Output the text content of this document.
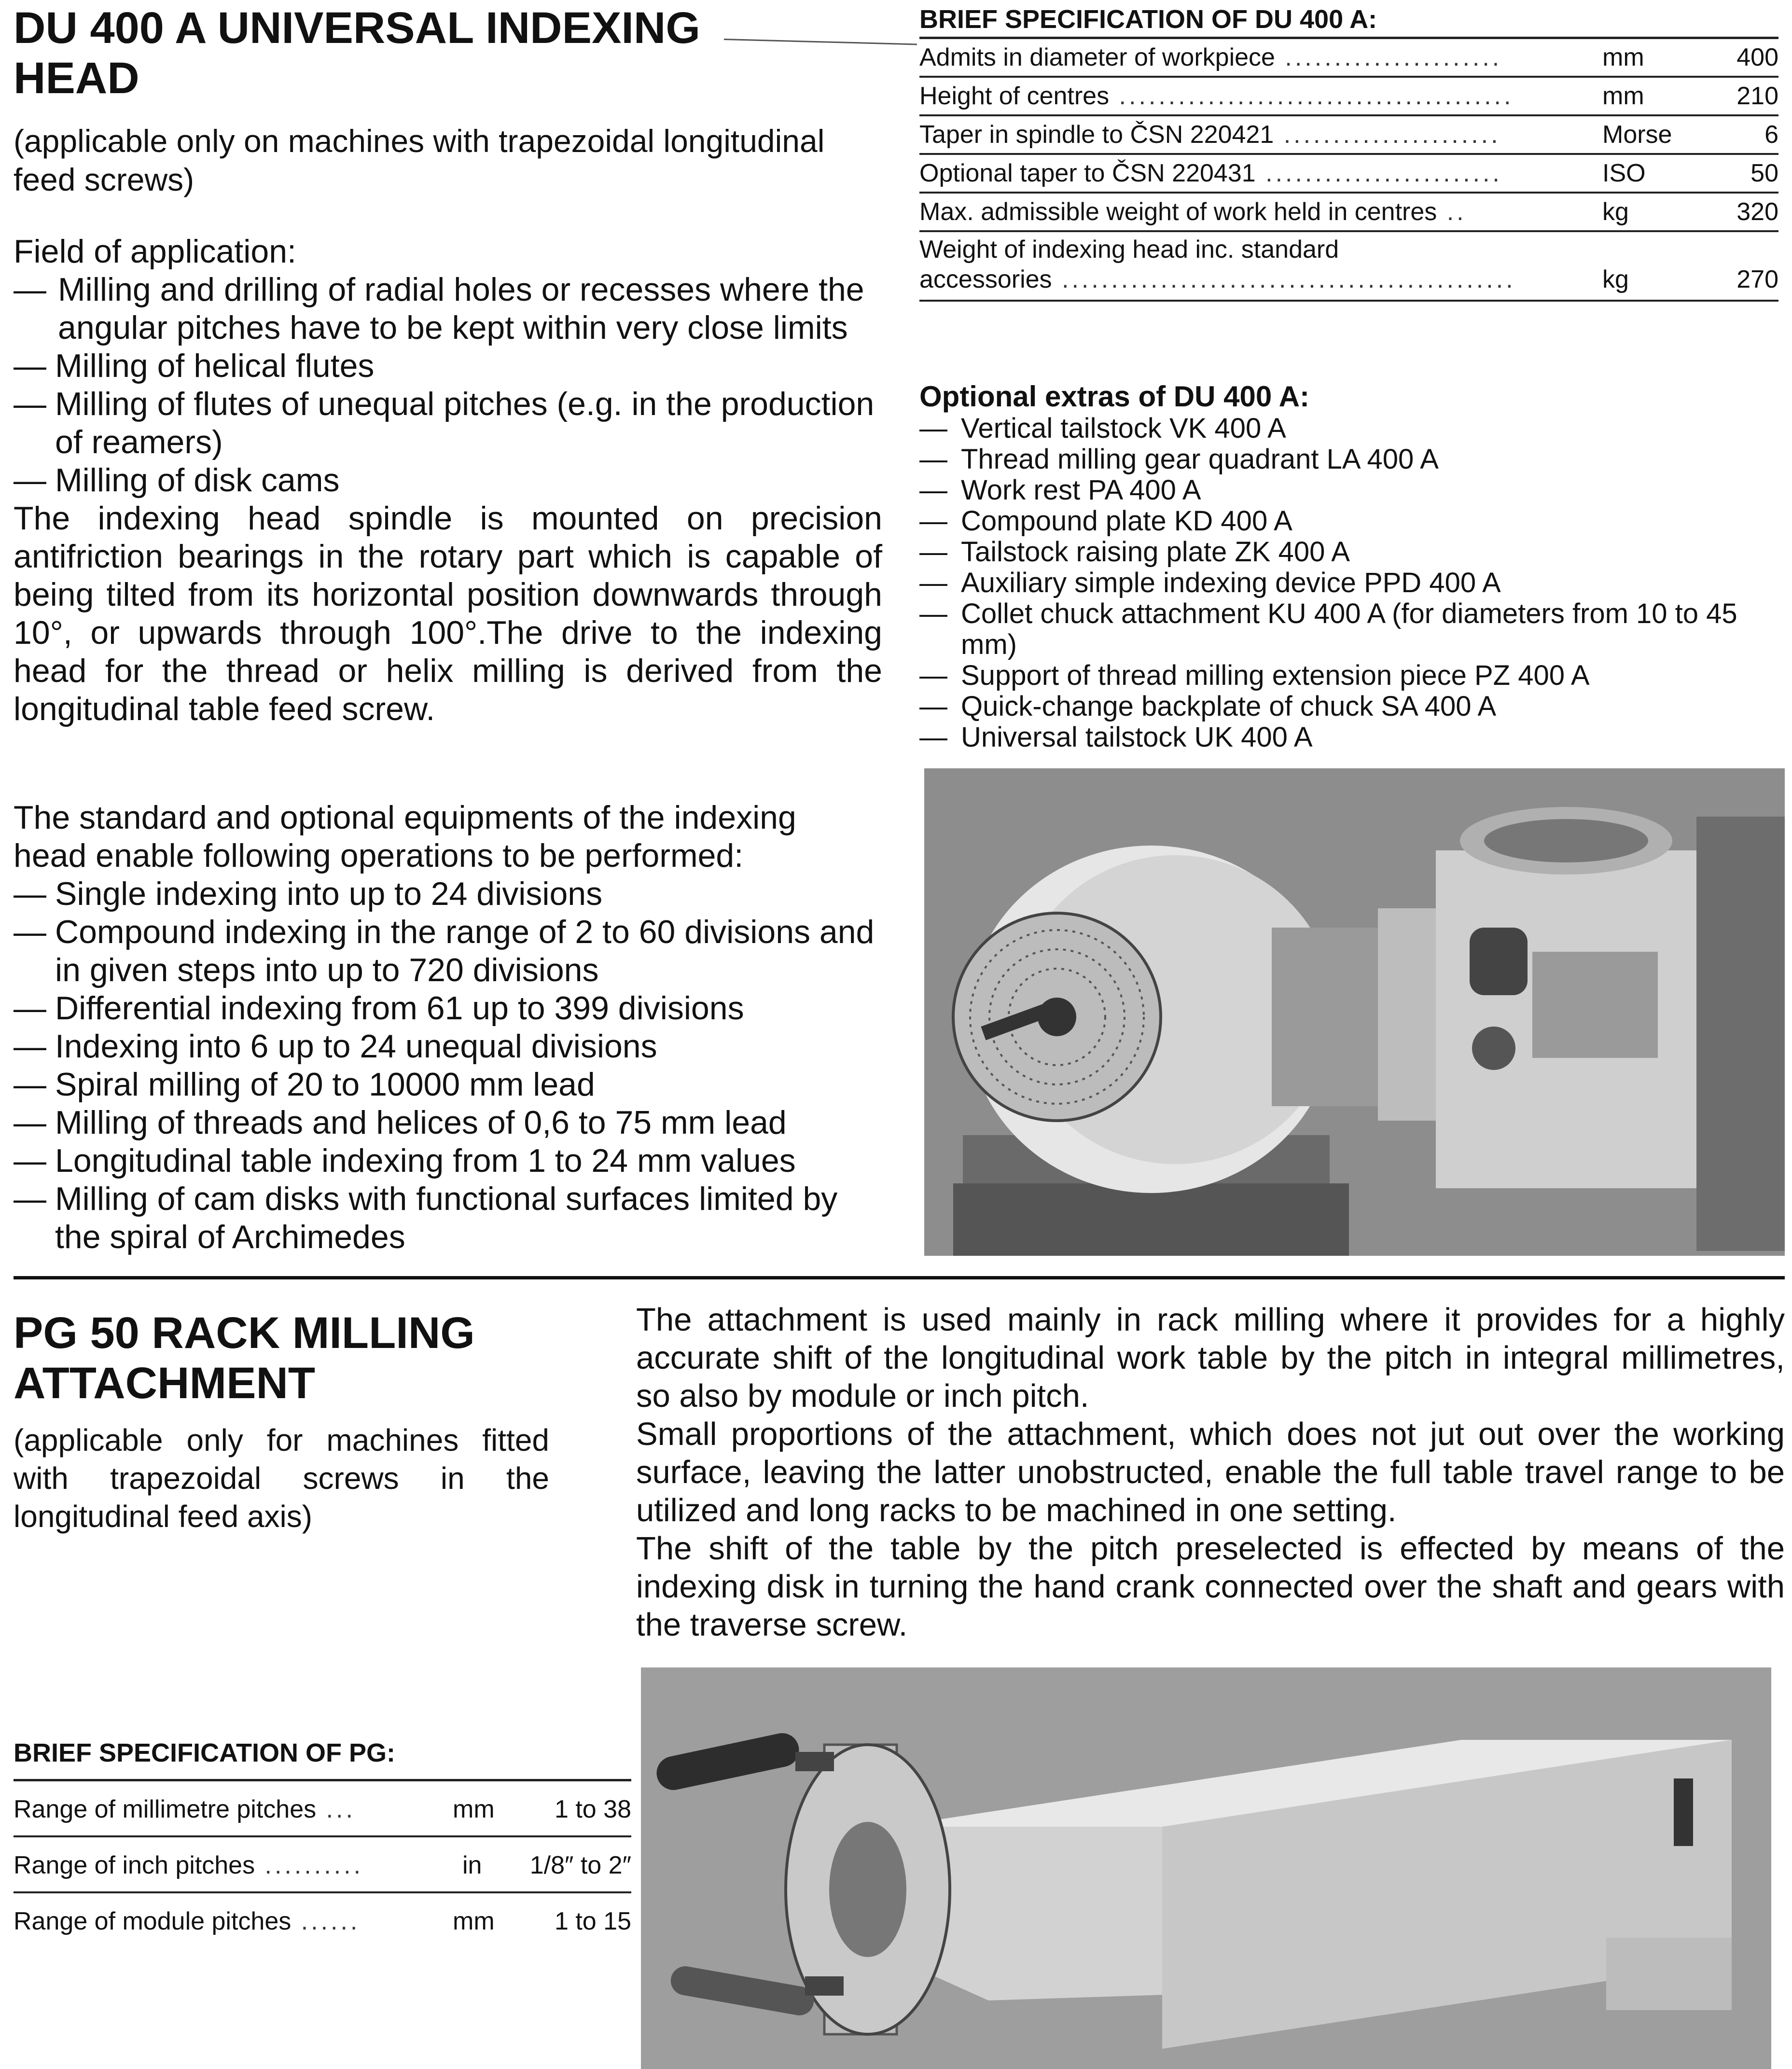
DU 400 A UNIVERSAL INDEXING
HEAD
(applicable only on machines with trapezoidal longitudinal feed screws)
Field of application:
— Milling and drilling of radial holes or recesses where the angular pitches have to be kept within very close limits
— Milling of helical flutes
— Milling of flutes of unequal pitches (e.g. in the production of reamers)
— Milling of disk cams
The indexing head spindle is mounted on precision antifriction bearings in the rotary part which is capable of being tilted from its horizontal position downwards through 10°, or upwards through 100°.The drive to the indexing head for the thread or helix milling is derived from the longitudinal table feed screw.
The standard and optional equipments of the indexing head enable following operations to be performed:
— Single indexing into up to 24 divisions
— Compound indexing in the range of 2 to 60 divisions and in given steps into up to 720 divisions
— Differential indexing from 61 up to 399 divisions
— Indexing into 6 up to 24 unequal divisions
— Spiral milling of 20 to 10000 mm lead
— Milling of threads and helices of 0,6 to 75 mm lead
— Longitudinal table indexing from 1 to 24 mm values
— Milling of cam disks with functional surfaces limited by the spiral of Archimedes
BRIEF SPECIFICATION OF DU 400 A:
Admits in diameter of workpiece ......................	mm	400
Height of centres ........................................	mm	210
Taper in spindle to ČSN 220421 ......................	Morse	6
Optional taper to ČSN 220431 ........................	ISO	50
Max. admissible weight of work held in centres ..	kg	320
Weight of indexing head inc. standard
accessories ..............................................	kg	270
Optional extras of DU 400 A:
— Vertical tailstock VK 400 A
— Thread milling gear quadrant LA 400 A
— Work rest PA 400 A
— Compound plate KD 400 A
— Tailstock raising plate ZK 400 A
— Auxiliary simple indexing device PPD 400 A
— Collet chuck attachment KU 400 A (for diameters from 10 to 45 mm)
— Support of thread milling extension piece PZ 400 A
— Quick-change backplate of chuck SA 400 A
— Universal tailstock UK 400 A
PG 50 RACK MILLING
ATTACHMENT
(applicable only for machines fitted with trapezoidal screws in the longitudinal feed axis)
The attachment is used mainly in rack milling where it provides for a highly accurate shift of the longitudinal work table by the pitch in integral millimetres, so also by module or inch pitch.
Small proportions of the attachment, which does not jut out over the working surface, leaving the latter unobstructed, enable the full table travel range to be utilized and long racks to be machined in one setting.
The shift of the table by the pitch preselected is effected by means of the indexing disk in turning the hand crank connected over the shaft and gears with the traverse screw.
BRIEF SPECIFICATION OF PG:
Range of millimetre pitches ...	mm 1 to 38
Range of inch pitches ..........	in 1/8″ to 2″
Range of module pitches ......	mm 1 to 15
